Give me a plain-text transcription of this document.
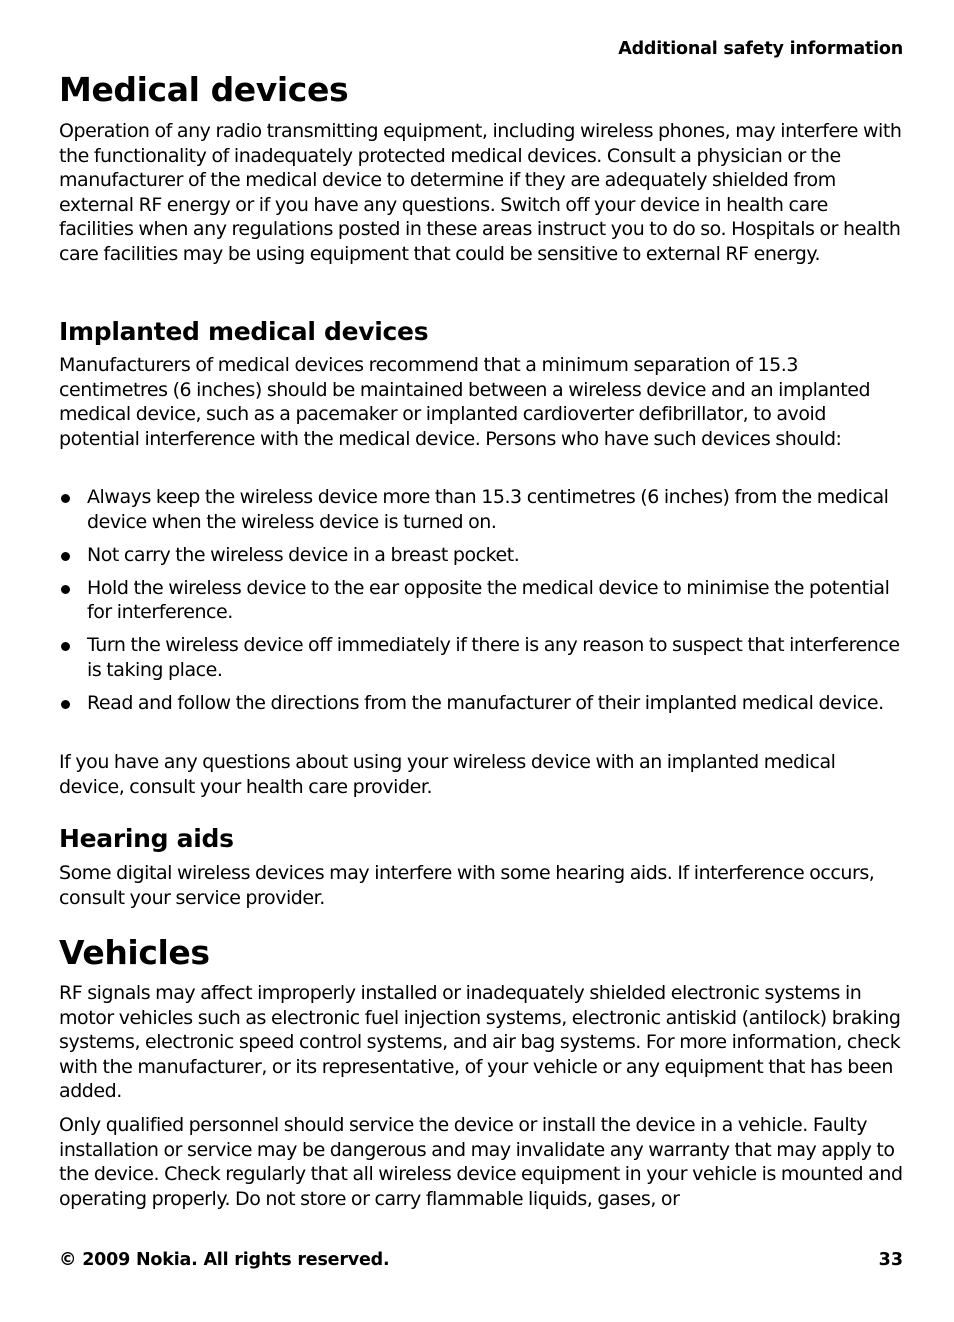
Additional safety information
Medical devices

Operation of any radio transmitting equipment, including wireless phones, may interfere with the functionality of inadequately protected medical devices. Consult a physician or the manufacturer of the medical device to determine if they are adequately shielded from external RF energy or if you have any questions. Switch off your device in health care facilities when any regulations posted in these areas instruct you to do so. Hospitals or health care facilities may be using equipment that could be sensitive to external RF energy.

Implanted medical devices

Manufacturers of medical devices recommend that a minimum separation of 15.3 centimetres (6 inches) should be maintained between a wireless device and an implanted medical device, such as a pacemaker or implanted cardioverter defibrillator, to avoid potential interference with the medical device. Persons who have such devices should:

Always keep the wireless device more than 15.3 centimetres (6 inches) from the medical device when the wireless device is turned on.
Not carry the wireless device in a breast pocket.
Hold the wireless device to the ear opposite the medical device to minimise the potential for interference.
Turn the wireless device off immediately if there is any reason to suspect that interference is taking place.
Read and follow the directions from the manufacturer of their implanted medical device.

If you have any questions about using your wireless device with an implanted medical device, consult your health care provider.

Hearing aids

Some digital wireless devices may interfere with some hearing aids. If interference occurs, consult your service provider.

Vehicles

RF signals may affect improperly installed or inadequately shielded electronic systems in motor vehicles such as electronic fuel injection systems, electronic antiskid (antilock) braking systems, electronic speed control systems, and air bag systems. For more information, check with the manufacturer, or its representative, of your vehicle or any equipment that has been added.

Only qualified personnel should service the device or install the device in a vehicle. Faulty installation or service may be dangerous and may invalidate any warranty that may apply to the device. Check regularly that all wireless device equipment in your vehicle is mounted and operating properly. Do not store or carry flammable liquids, gases, or

© 2009 Nokia. All rights reserved.	33
